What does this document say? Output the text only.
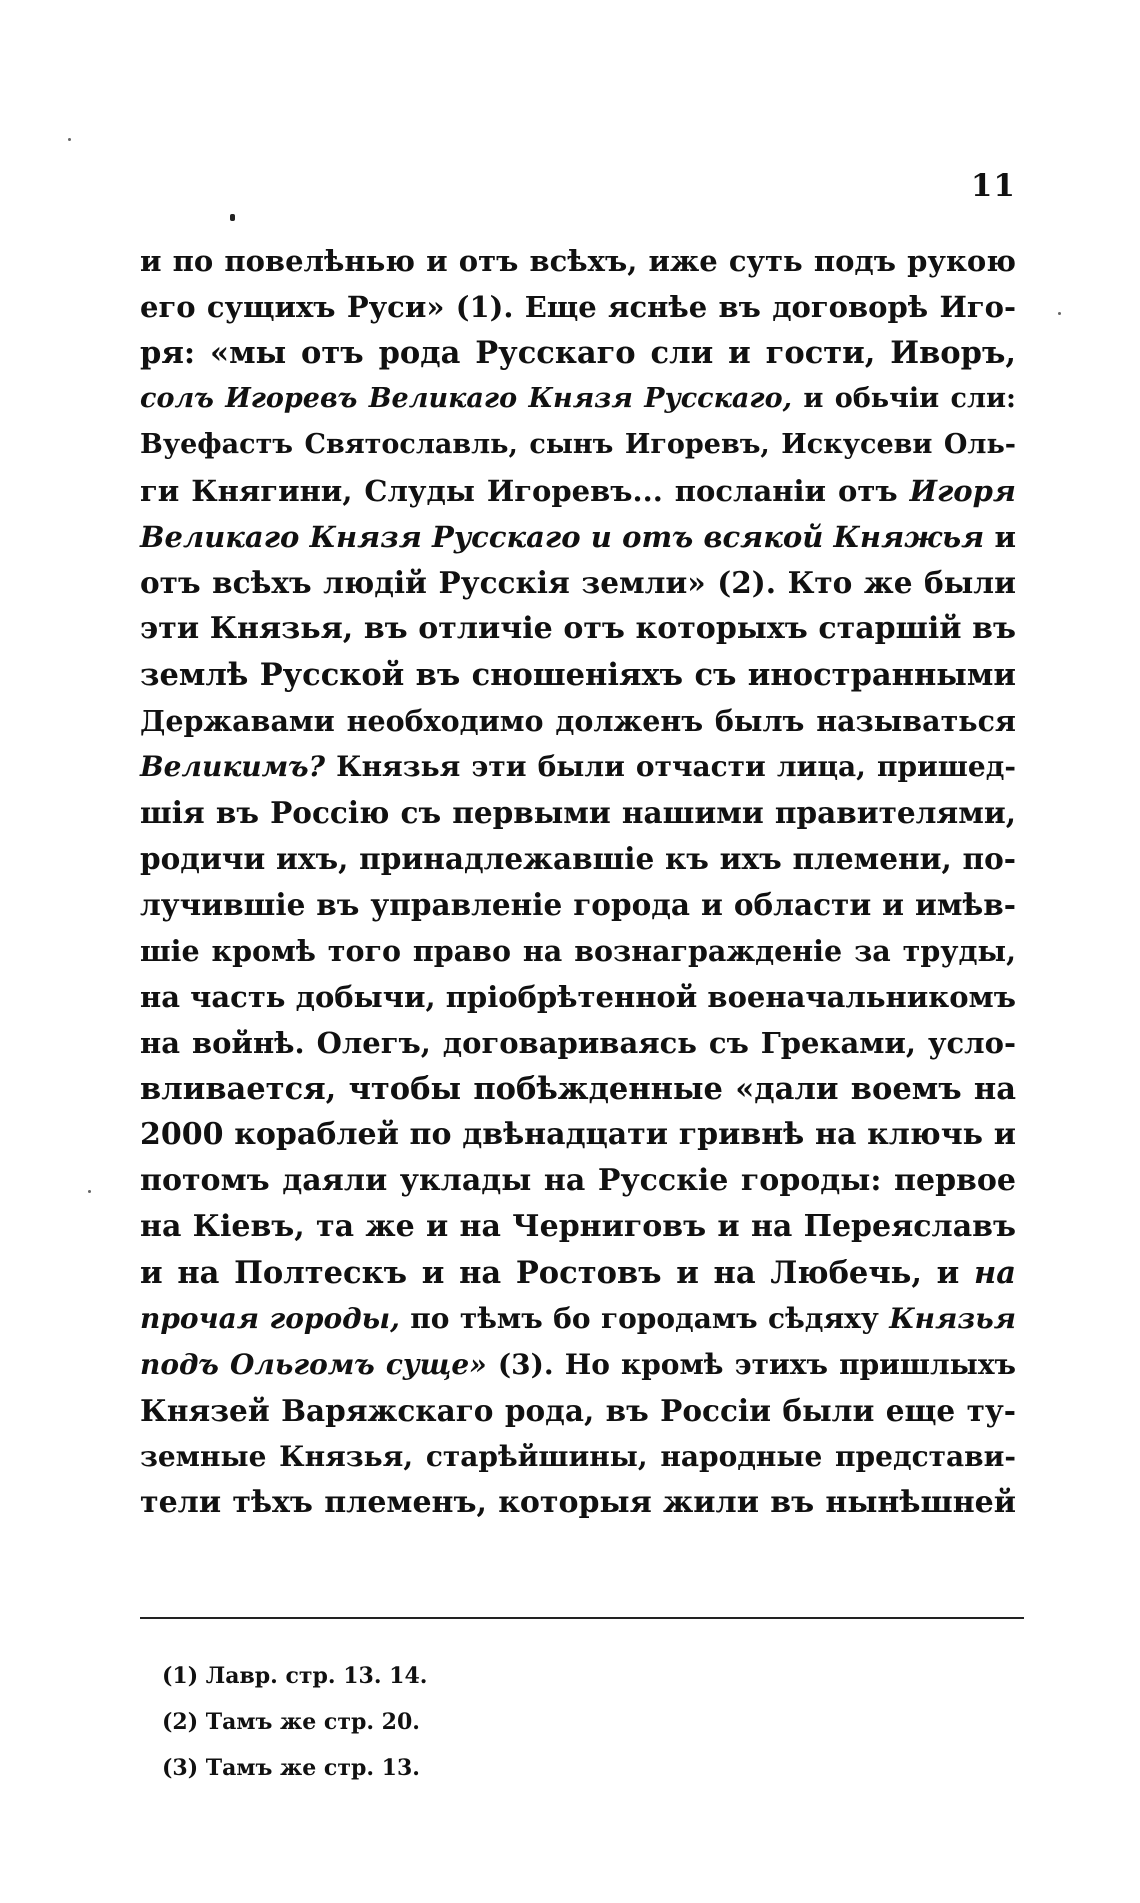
11
и по повелѣнью и отъ всѣхъ, иже суть подъ рукою
его сущихъ Руси» (1). Еще яснѣе въ договорѣ Иго-
ря: «мы отъ рода Русскаго сли и гости, Иворъ,
солъ Игоревъ Великаго Князя Русскаго, и обьчіи сли:
Вуефастъ Святославль, сынъ Игоревъ, Искусеви Оль-
ги Княгини, Слуды Игоревъ... посланіи отъ Игоря
Великаго Князя Русскаго и отъ всякой Княжья и
отъ всѣхъ людій Русскія земли» (2). Кто же были
эти Князья, въ отличіе отъ которыхъ старшій въ
землѣ Русской въ сношеніяхъ съ иностранными
Державами необходимо долженъ былъ называться
Великимъ? Князья эти были отчасти лица, пришед-
шія въ Россію съ первыми нашими правителями,
родичи ихъ, принадлежавшіе къ ихъ племени, по-
лучившіе въ управленіе города и области и имѣв-
шіе кромѣ того право на вознагражденіе за труды,
на часть добычи, пріобрѣтенной военачальникомъ
на войнѣ. Олегъ, договариваясь съ Греками, усло-
вливается, чтобы побѣжденные «дали воемъ на
2000 кораблей по двѣнадцати гривнѣ на ключь и
потомъ даяли уклады на Русскіе городы: первое
на Кіевъ, та же и на Черниговъ и на Переяславъ
и на Полтескъ и на Ростовъ и на Любечь, и на
прочая городы, по тѣмъ бо городамъ сѣдяху Князья
подъ Ольгомъ суще» (3). Но кромѣ этихъ пришлыхъ
Князей Варяжскаго рода, въ Россіи были еще ту-
земные Князья, старѣйшины, народные представи-
тели тѣхъ племенъ, которыя жили въ нынѣшней
(1) Лавр. стр. 13. 14.
(2) Тамъ же стр. 20.
(3) Тамъ же стр. 13.
